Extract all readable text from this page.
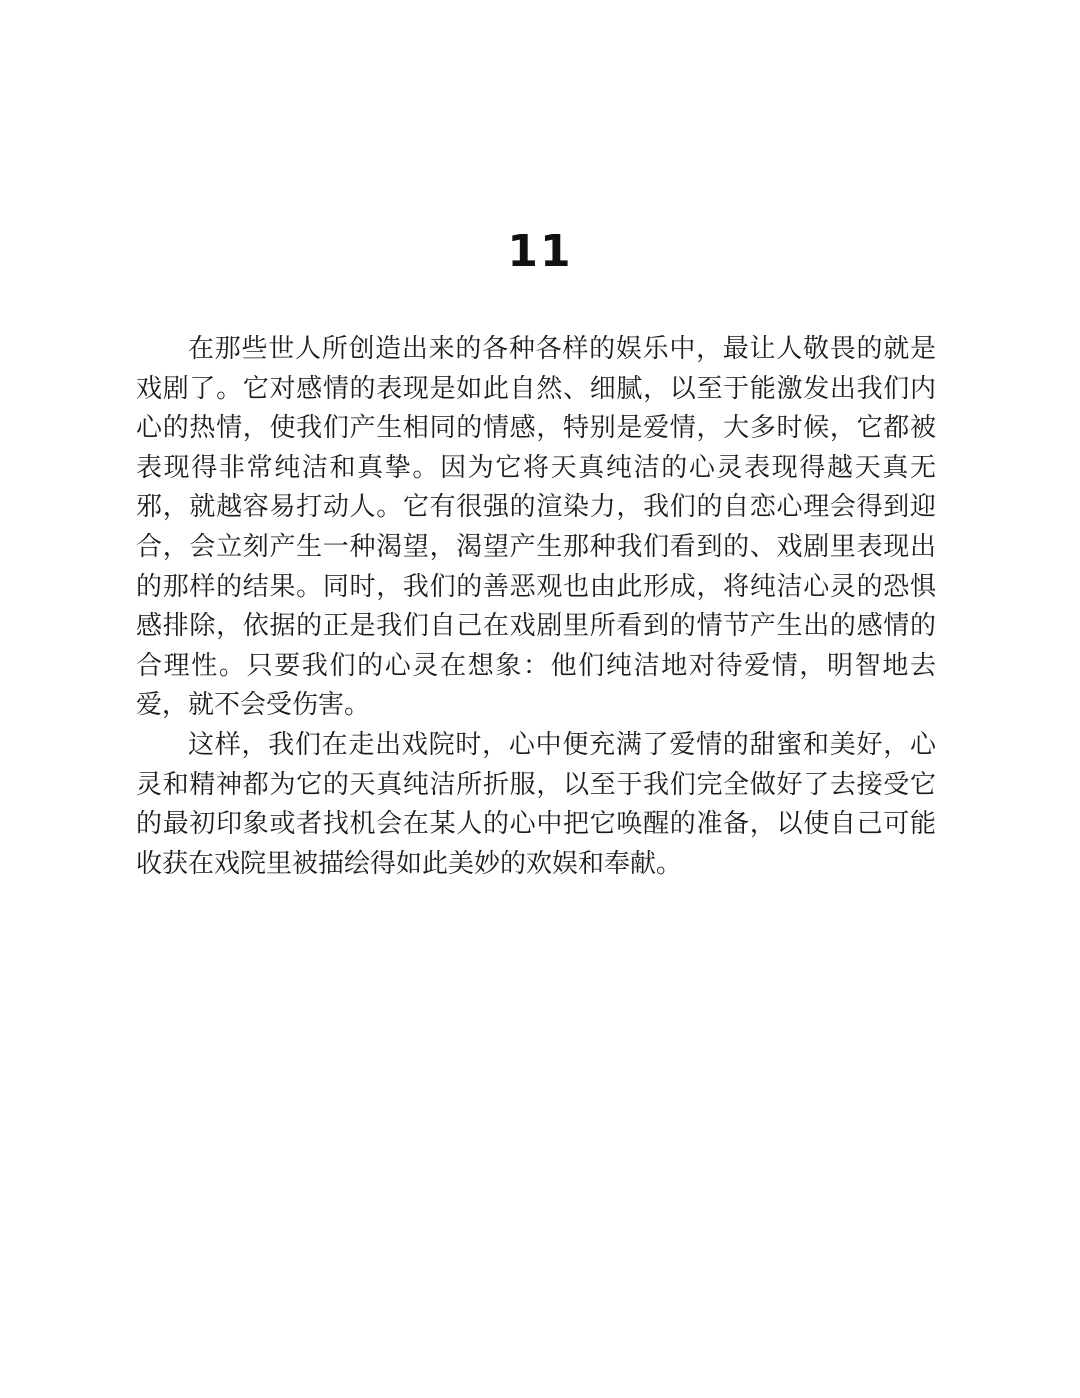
11

在那些世人所创造出来的各种各样的娱乐中，最让人敬畏的就是戏剧了。它对感情的表现是如此自然、细腻，以至于能激发出我们内心的热情，使我们产生相同的情感，特别是爱情，大多时候，它都被表现得非常纯洁和真挚。因为它将天真纯洁的心灵表现得越天真无邪，就越容易打动人。它有很强的渲染力，我们的自恋心理会得到迎合，会立刻产生一种渴望，渴望产生那种我们看到的、戏剧里表现出的那样的结果。同时，我们的善恶观也由此形成，将纯洁心灵的恐惧感排除，依据的正是我们自己在戏剧里所看到的情节产生出的感情的合理性。只要我们的心灵在想象：他们纯洁地对待爱情，明智地去爱，就不会受伤害。

这样，我们在走出戏院时，心中便充满了爱情的甜蜜和美好，心灵和精神都为它的天真纯洁所折服，以至于我们完全做好了去接受它的最初印象或者找机会在某人的心中把它唤醒的准备，以使自己可能收获在戏院里被描绘得如此美妙的欢娱和奉献。
